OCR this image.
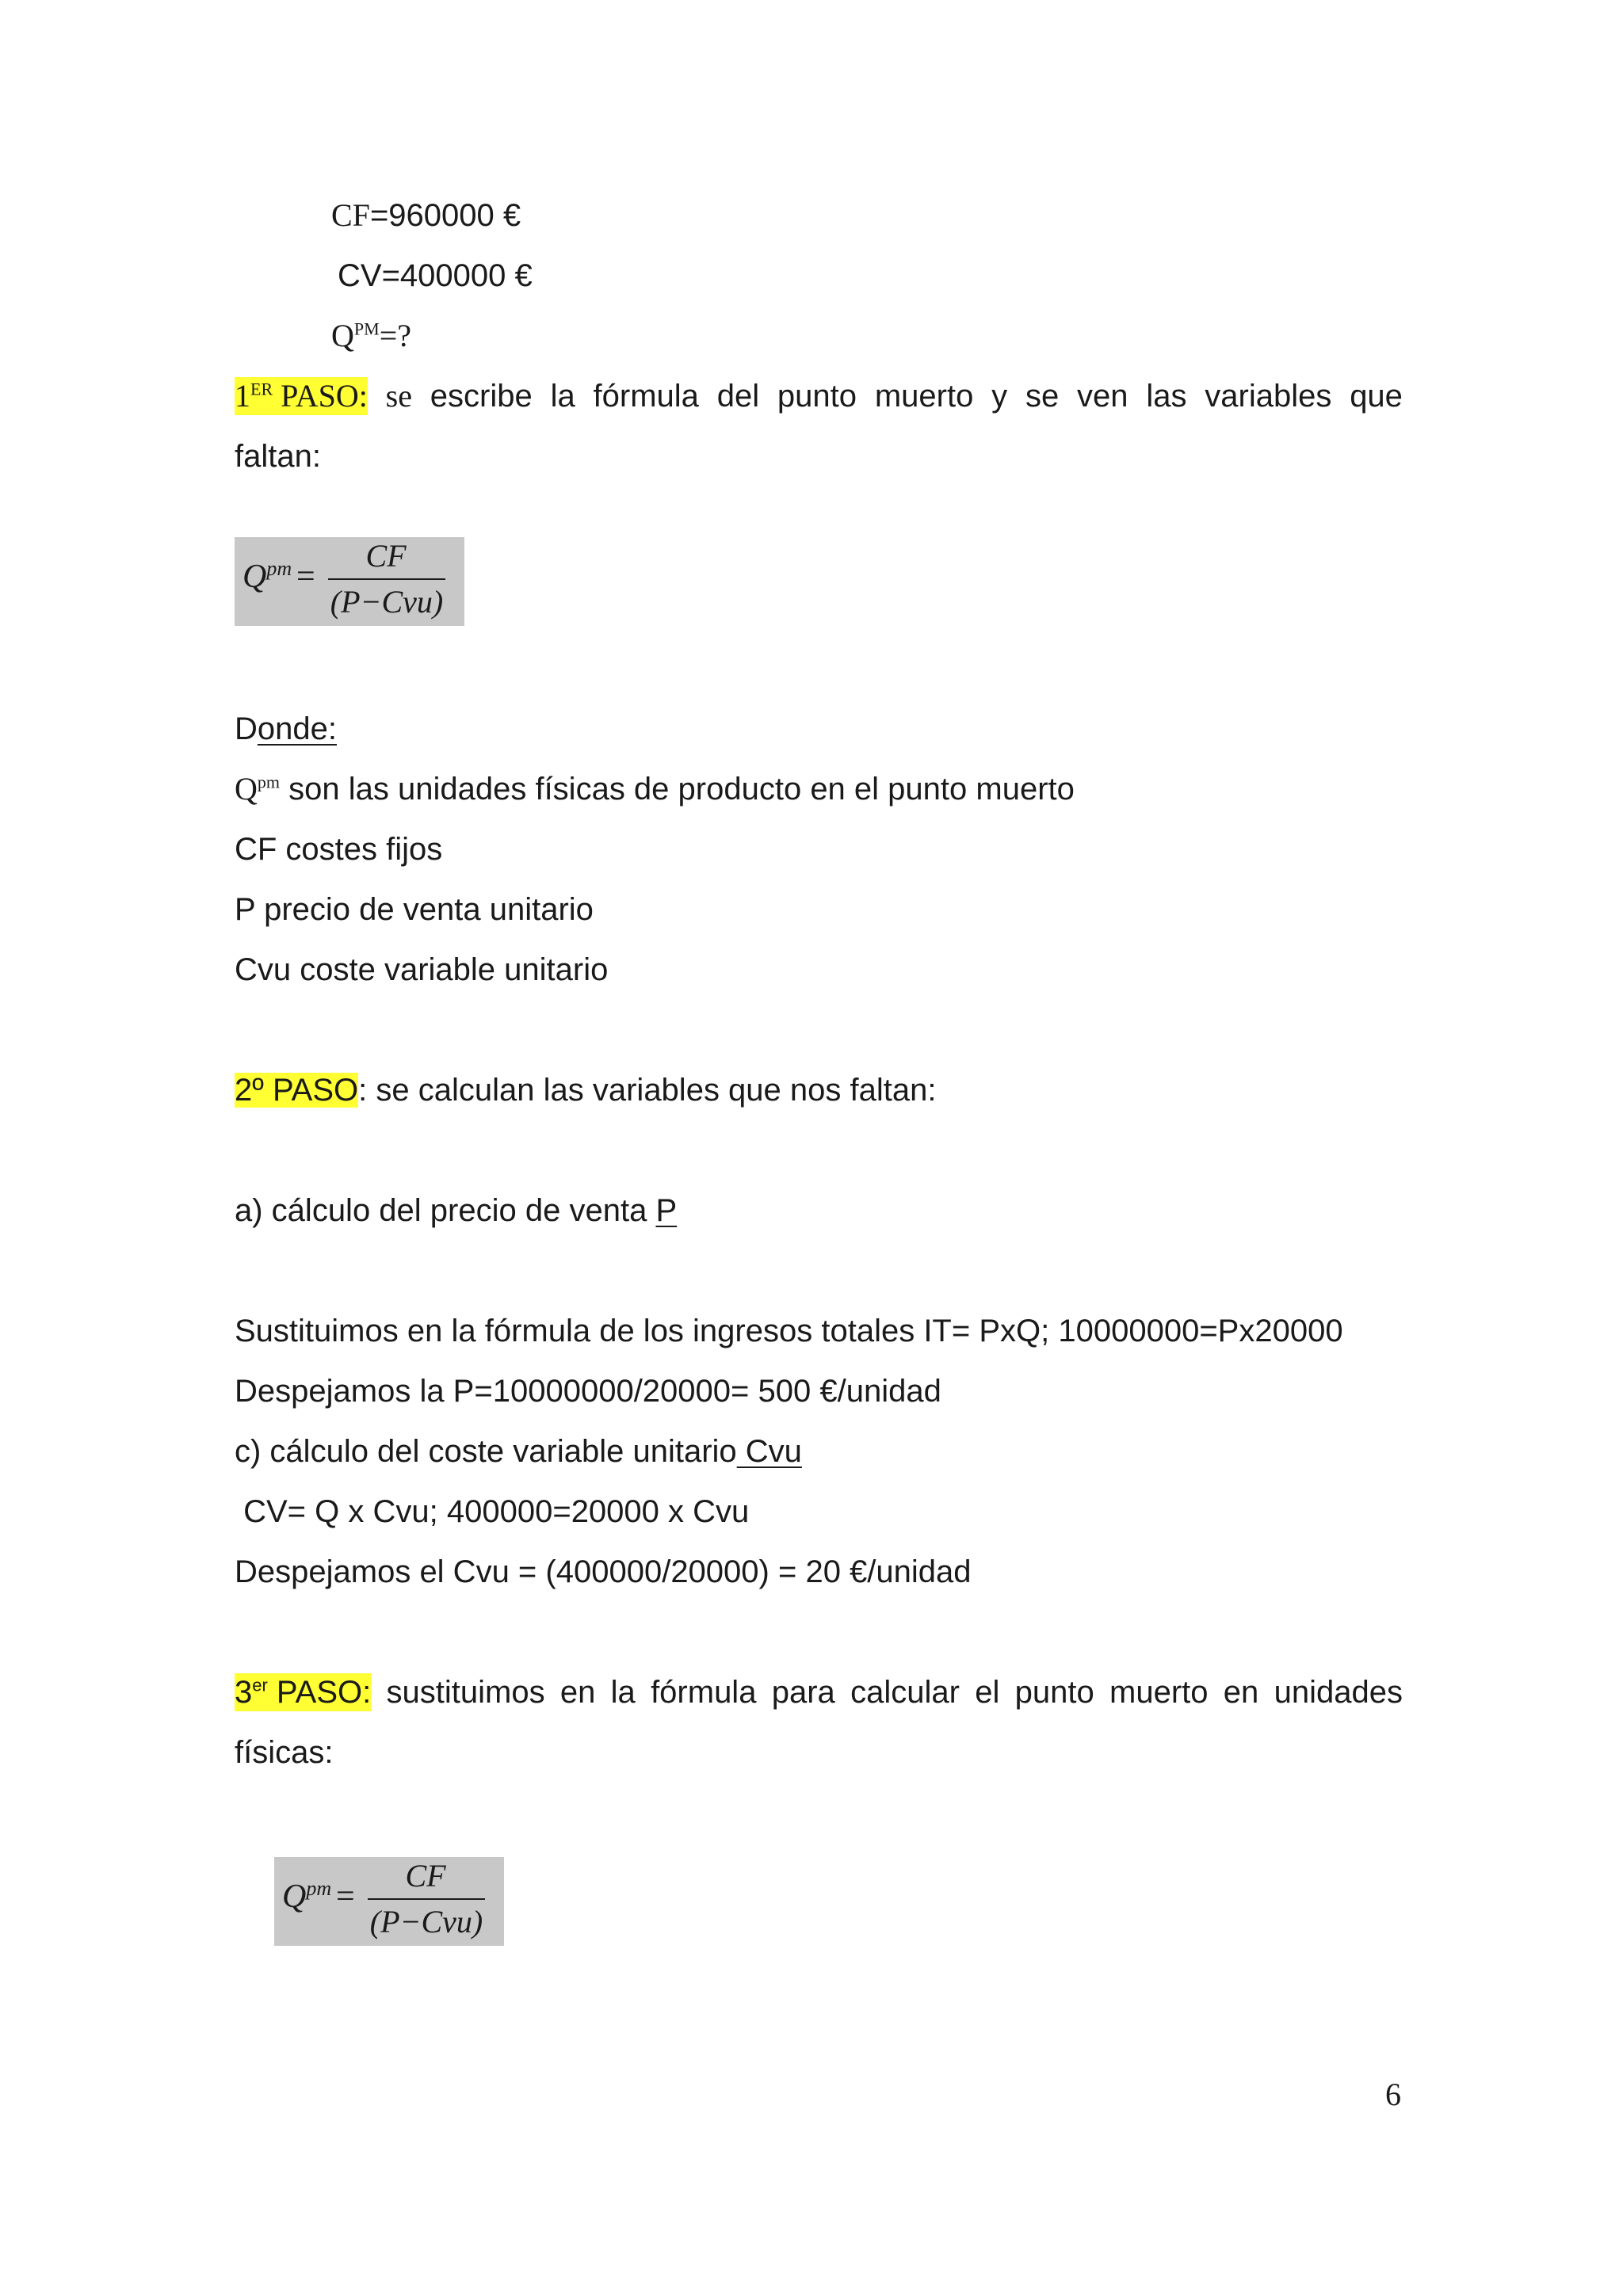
CF=960000 €
CV=400000 €
$Q^{PM}=$?
1ER PASO: se escribe la fórmula del punto muerto y se ven las variables que
faltan:
$Q^{pm}$ =
CF
(P−Cvu)
Donde:
$Q^{pm}$ son las unidades físicas de producto en el punto muerto
CF costes fijos
P precio de venta unitario
Cvu coste variable unitario
2º PASO: se calculan las variables que nos faltan:
a) cálculo del precio de venta P
Sustituimos en la fórmula de los ingresos totales IT= PxQ; 10000000=Px20000
Despejamos la P=10000000/20000= 500 €/unidad
c) cálculo del coste variable unitario Cvu
CV= Q x Cvu; 400000=20000 x Cvu
Despejamos el Cvu = (400000/20000) = 20 €/unidad
3er PASO: sustituimos en la fórmula para calcular el punto muerto en unidades
físicas:
$Q^{pm}$ =
CF
(P−Cvu)
6
